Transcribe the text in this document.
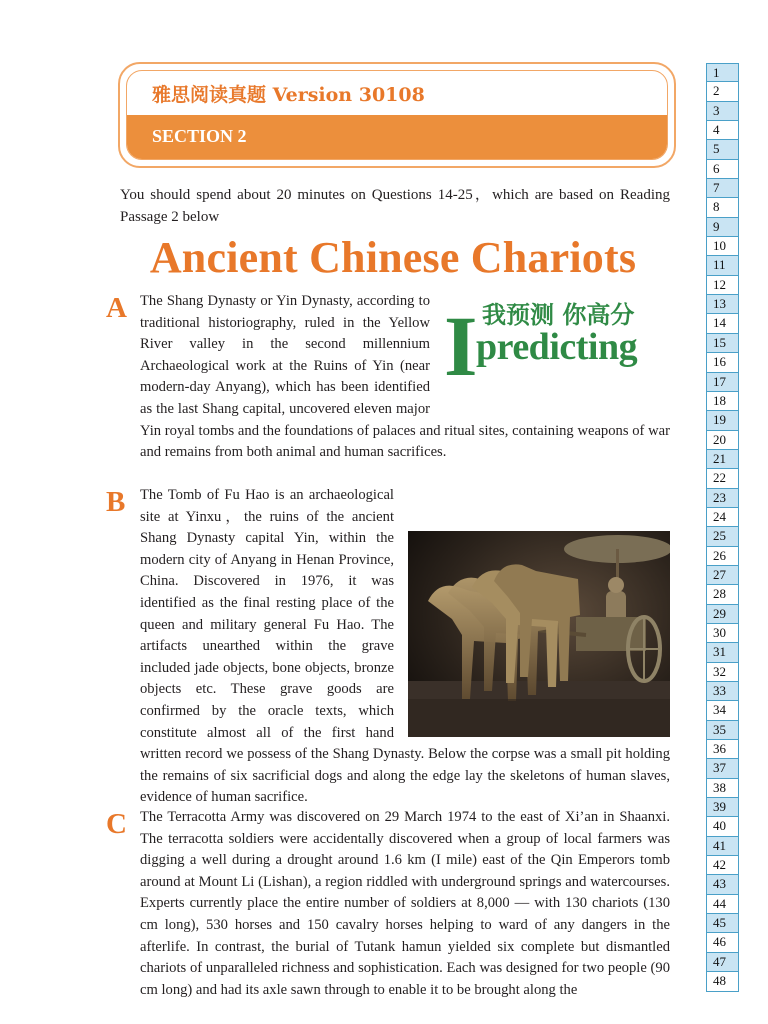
雅思阅读真题 Version 30108
SECTION 2
You should spend about 20 minutes on Questions 14-25，which are based on Reading Passage 2 below
Ancient Chinese Chariots
A	I 我预测 你高分
predicting
The Shang Dynasty or Yin Dynasty, according to traditional historiography, ruled in the Yellow River valley in the second millennium Archaeological work at the Ruins of Yin (near modern-day Anyang), which has been identified as the last Shang capital, uncovered eleven major Yin royal tombs and the foundations of palaces and ritual sites, containing weapons of war and remains from both animal and human sacrifices.
B The Tomb of Fu Hao is an archaeological site at Yinxu，the ruins of the ancient Shang Dynasty capital Yin, within the modern city of Anyang in Henan Province, China. Discovered in 1976, it was identified as the final resting place of the queen and military general Fu Hao. The artifacts unearthed within the grave included jade objects, bone objects, bronze objects etc. These grave goods are confirmed by the oracle texts, which constitute almost all of the first hand written record we possess of the Shang Dynasty. Below the corpse was a small pit holding the remains of six sacrificial dogs and along the edge lay the skeletons of human slaves, evidence of human sacrifice.
C The Terracotta Army was discovered on 29 March 1974 to the east of Xi’an in Shaanxi. The terracotta soldiers were accidentally discovered when a group of local farmers was digging a well during a drought around 1.6 km (I mile) east of the Qin Emperors tomb around at Mount Li (Lishan), a region riddled with underground springs and watercourses. Experts currently place the entire number of soldiers at 8,000 — with 130 chariots (130 cm long), 530 horses and 150 cavalry horses helping to ward of any dangers in the afterlife. In contrast, the burial of Tutank hamun yielded six complete but dismantled chariots of unparalleled richness and sophistication. Each was designed for two people (90 cm long) and had its axle sawn through to enable it to be brought along the
1
2
3
4
5
6
7
8
9
10
11
12
13
14
15
16
17
18
19
20
21
22
23
24
25
26
27
28
29
30
31
32
33
34
35
36
37
38
39
40
41
42
43
44
45
46
47
48
